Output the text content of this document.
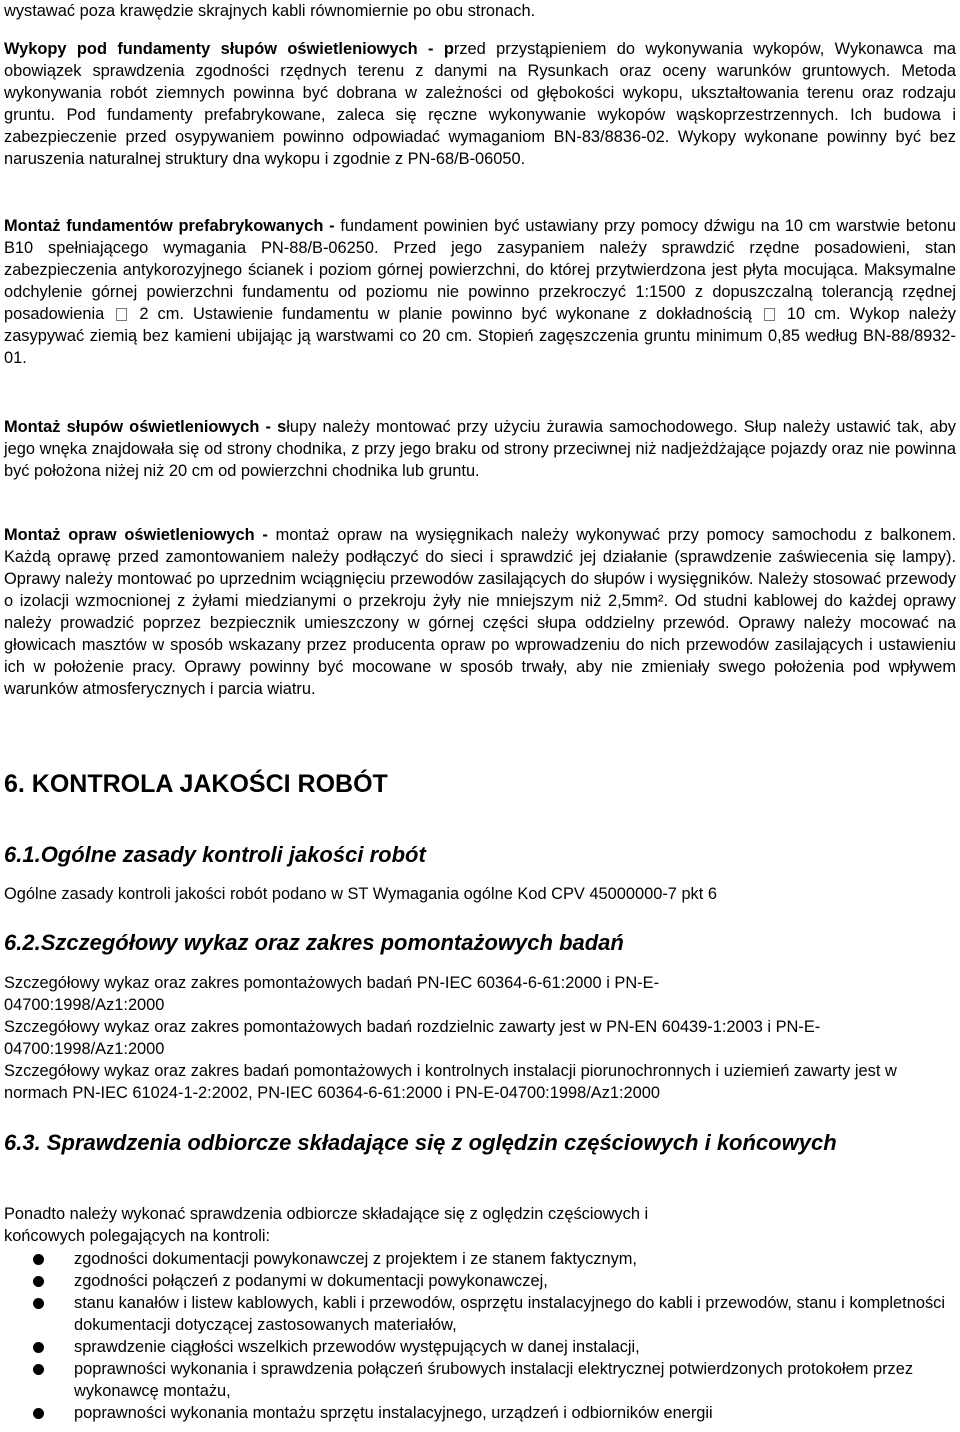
wystawać poza krawędzie skrajnych kabli równomiernie po obu stronach.

Wykopy pod fundamenty słupów oświetleniowych - przed przystąpieniem do wykonywania wykopów, Wykonawca ma obowiązek sprawdzenia zgodności rzędnych terenu z danymi na Rysunkach oraz oceny warunków gruntowych. Metoda wykonywania robót ziemnych powinna być dobrana w zależności od głębokości wykopu, ukształtowania terenu oraz rodzaju gruntu. Pod fundamenty prefabrykowane, zaleca się ręczne wykonywanie wykopów wąskoprzestrzennych. Ich budowa i zabezpieczenie przed osypywaniem powinno odpowiadać wymaganiom BN-83/8836-02. Wykopy wykonane powinny być bez naruszenia naturalnej struktury dna wykopu i zgodnie z PN-68/B-06050.

Montaż fundamentów prefabrykowanych - fundament powinien być ustawiany przy pomocy dźwigu na 10 cm warstwie betonu B10 spełniającego wymagania PN-88/B-06250. Przed jego zasypaniem należy sprawdzić rzędne posadowieni, stan zabezpieczenia antykorozyjnego ścianek i poziom górnej powierzchni, do której przytwierdzona jest płyta mocująca. Maksymalne odchylenie górnej powierzchni fundamentu od poziomu nie powinno przekroczyć 1:1500 z dopuszczalną tolerancją rzędnej posadowienia 2 cm. Ustawienie fundamentu w planie powinno być wykonane z dokładnością 10 cm. Wykop należy zasypywać ziemią bez kamieni ubijając ją warstwami co 20 cm. Stopień zagęszczenia gruntu minimum 0,85 według BN-88/8932-01.

Montaż słupów oświetleniowych - słupy należy montować przy użyciu żurawia samochodowego. Słup należy ustawić tak, aby jego wnęka znajdowała się od strony chodnika, z przy jego braku od strony przeciwnej niż nadjeżdżające pojazdy oraz nie powinna być położona niżej niż 20 cm od powierzchni chodnika lub gruntu.

Montaż opraw oświetleniowych - montaż opraw na wysięgnikach należy wykonywać przy pomocy samochodu z balkonem. Każdą oprawę przed zamontowaniem należy podłączyć do sieci i sprawdzić jej działanie (sprawdzenie zaświecenia się lampy). Oprawy należy montować po uprzednim wciągnięciu przewodów zasilających do słupów i wysięgników. Należy stosować przewody o izolacji wzmocnionej z żyłami miedzianymi o przekroju żyły nie mniejszym niż 2,5mm². Od studni kablowej do każdej oprawy należy prowadzić poprzez bezpiecznik umieszczony w górnej części słupa oddzielny przewód. Oprawy należy mocować na głowicach masztów w sposób wskazany przez producenta opraw po wprowadzeniu do nich przewodów zasilających i ustawieniu ich w położenie pracy. Oprawy powinny być mocowane w sposób trwały, aby nie zmieniały swego położenia pod wpływem warunków atmosferycznych i parcia wiatru.

6. KONTROLA JAKOŚCI ROBÓT
6.1.Ogólne zasady kontroli jakości robót

Ogólne zasady kontroli jakości robót podano w ST Wymagania ogólne Kod CPV 45000000-7 pkt 6

6.2.Szczegółowy wykaz oraz zakres pomontażowych badań
Szczegółowy wykaz oraz zakres pomontażowych badań PN-IEC 60364-6-61:2000 i PN-E-
04700:1998/Az1:2000
Szczegółowy wykaz oraz zakres pomontażowych badań rozdzielnic zawarty jest w PN-EN 60439-1:2003 i PN-E-04700:1998/Az1:2000
Szczegółowy wykaz oraz zakres badań pomontażowych i kontrolnych instalacji piorunochronnych i uziemień zawarty jest w normach PN-IEC 61024-1-2:2002, PN-IEC 60364-6-61:2000 i PN-E-04700:1998/Az1:2000
6.3. Sprawdzenia odbiorcze składające się z oględzin częściowych i końcowych

Ponadto należy wykonać sprawdzenia odbiorcze składające się z oględzin częściowych i końcowych polegających na kontroli:

zgodności dokumentacji powykonawczej z projektem i ze stanem faktycznym,
zgodności połączeń z podanymi w dokumentacji powykonawczej,
stanu kanałów i listew kablowych, kabli i przewodów, osprzętu instalacyjnego do kabli i przewodów, stanu i kompletności dokumentacji dotyczącej zastosowanych materiałów,
sprawdzenie ciągłości wszelkich przewodów występujących w danej instalacji,
poprawności wykonania i sprawdzenia połączeń śrubowych instalacji elektrycznej potwierdzonych protokołem przez wykonawcę montażu,
poprawności wykonania montażu sprzętu instalacyjnego, urządzeń i odbiorników energii
